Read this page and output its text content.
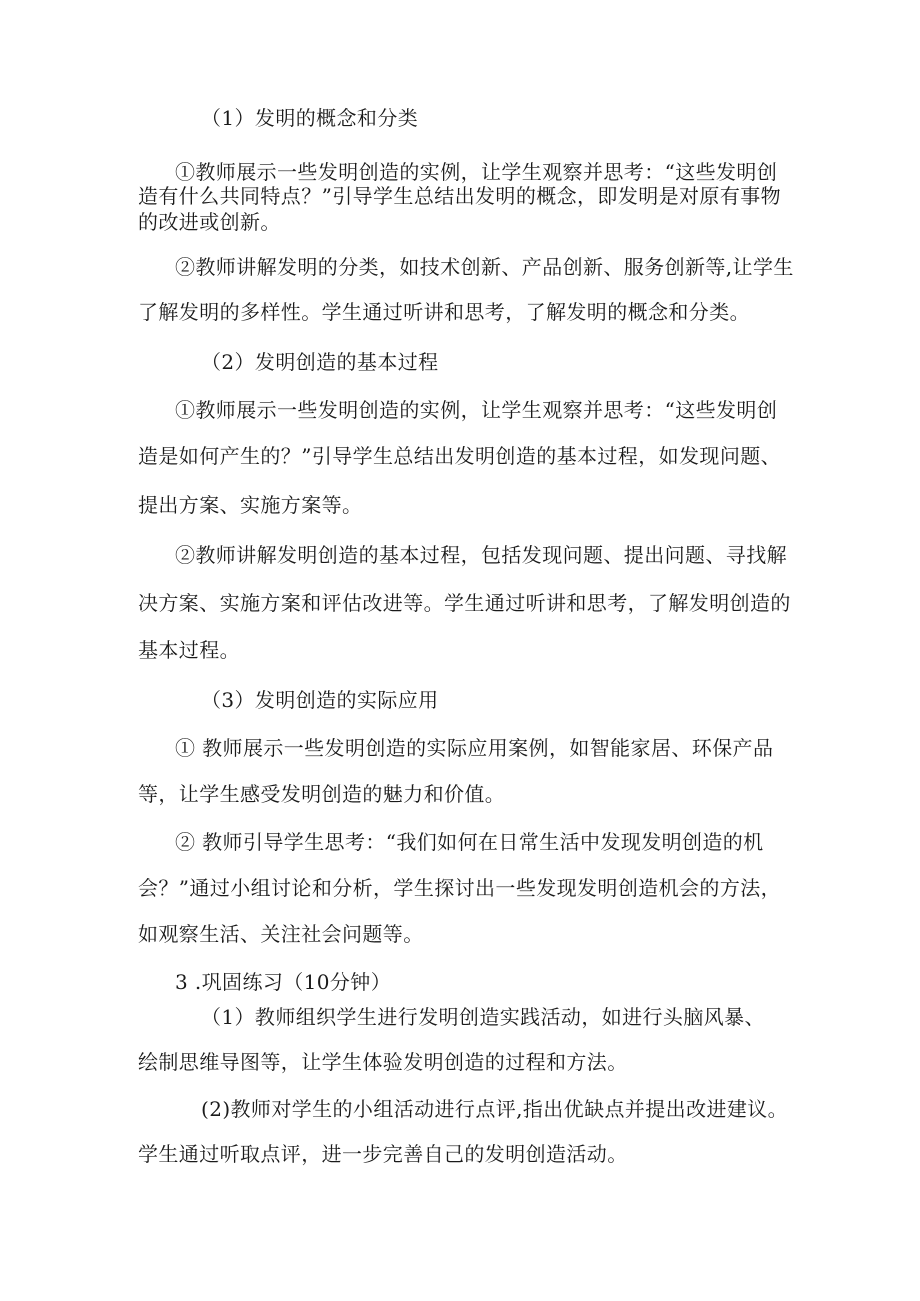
（1）发明的概念和分类
①教师展示一些发明创造的实例，让学生观察并思考：“这些发明创
造有什么共同特点？”引导学生总结出发明的概念，即发明是对原有事物
的改进或创新。
②教师讲解发明的分类，如技术创新、产品创新、服务创新等,让学生
了解发明的多样性。学生通过听讲和思考，了解发明的概念和分类。
（2）发明创造的基本过程
①教师展示一些发明创造的实例，让学生观察并思考：“这些发明创
造是如何产生的？”引导学生总结出发明创造的基本过程，如发现问题、
提出方案、实施方案等。
②教师讲解发明创造的基本过程，包括发现问题、提出问题、寻找解
决方案、实施方案和评估改进等。学生通过听讲和思考，了解发明创造的
基本过程。
（3）发明创造的实际应用
① 教师展示一些发明创造的实际应用案例，如智能家居、环保产品
等，让学生感受发明创造的魅力和价值。
② 教师引导学生思考：“我们如何在日常生活中发现发明创造的机
会？”通过小组讨论和分析，学生探讨出一些发现发明创造机会的方法，
如观察生活、关注社会问题等。
3 .巩固练习（10分钟）
（1）教师组织学生进行发明创造实践活动，如进行头脑风暴、
绘制思维导图等，让学生体验发明创造的过程和方法。
(2)教师对学生的小组活动进行点评,指出优缺点并提出改进建议。
学生通过听取点评，进一步完善自己的发明创造活动。
